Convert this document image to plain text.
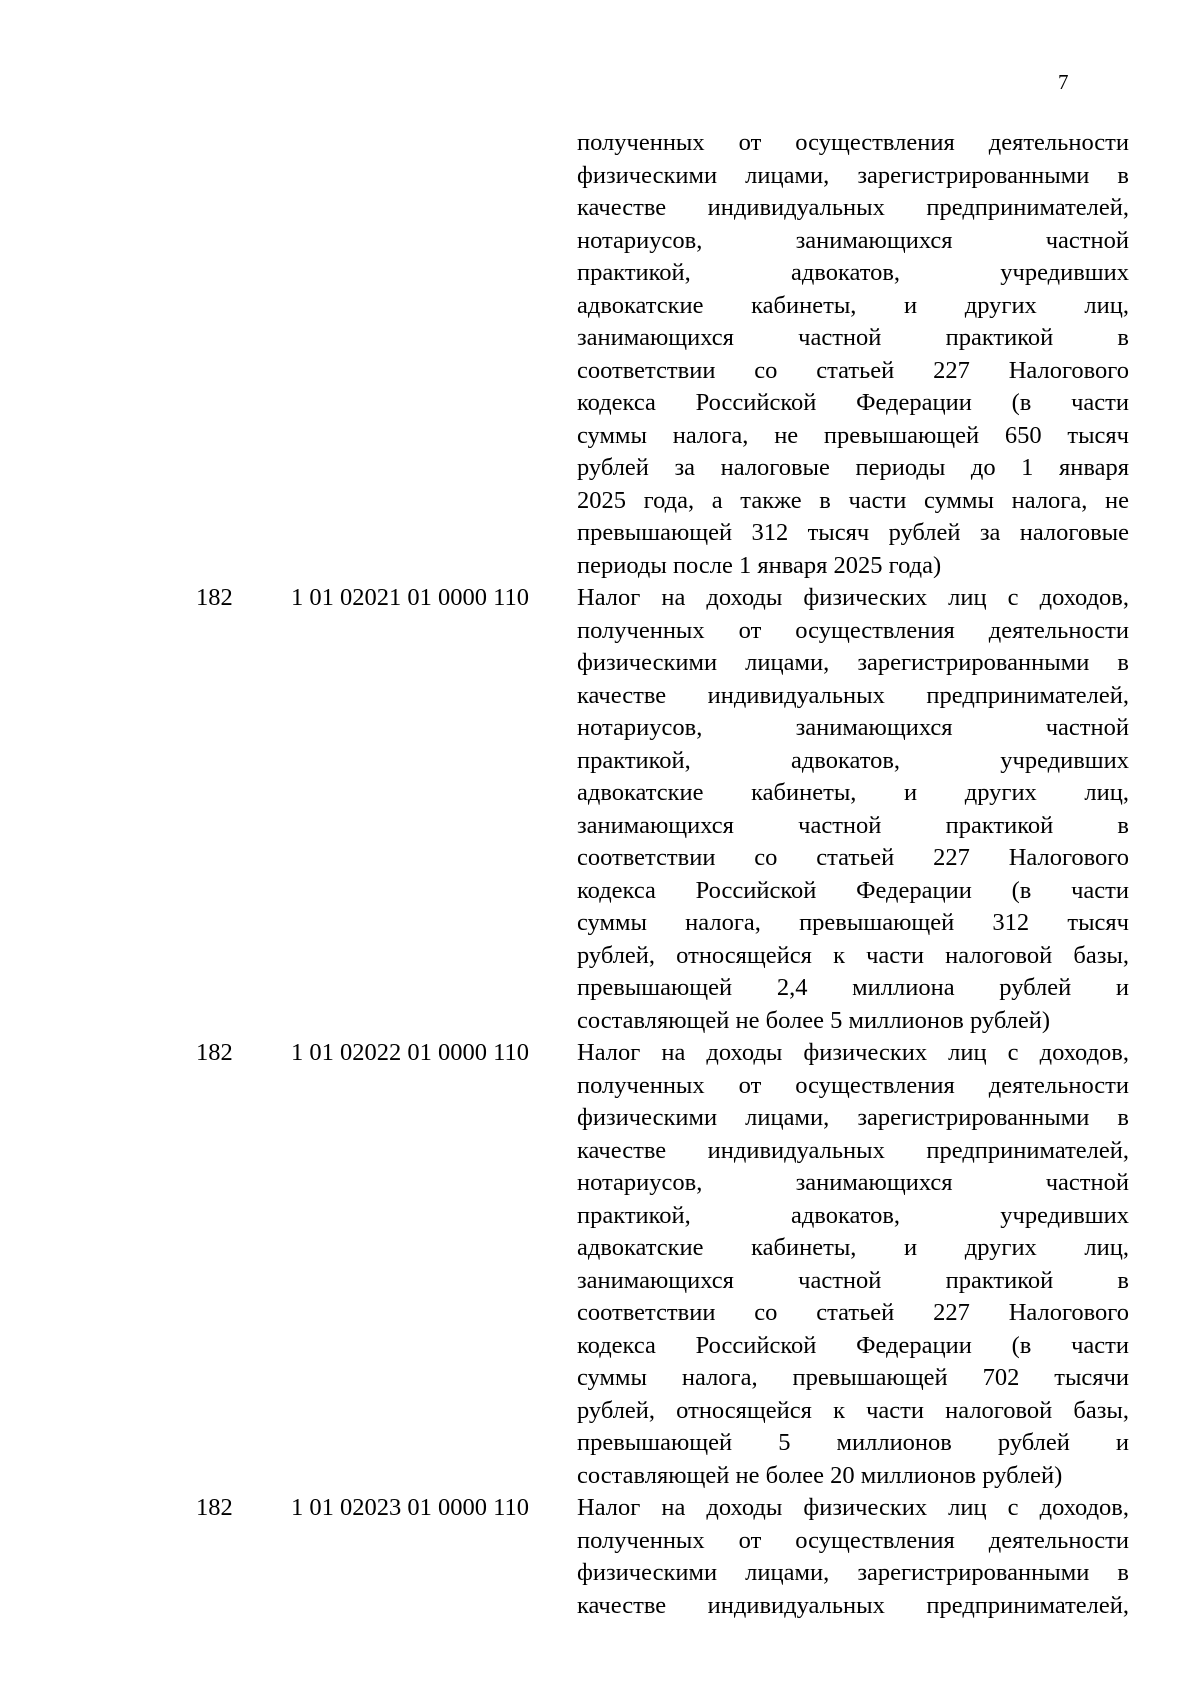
7
полученных от осуществления деятельности
физическими лицами, зарегистрированными в
качестве индивидуальных предпринимателей,
нотариусов, занимающихся частной
практикой, адвокатов, учредивших
адвокатские кабинеты, и других лиц,
занимающихся частной практикой в
соответствии со статьей 227 Налогового
кодекса Российской Федерации (в части
суммы налога, не превышающей 650 тысяч
рублей за налоговые периоды до 1 января
2025 года, а также в части суммы налога, не
превышающей 312 тысяч рублей за налоговые
периоды после 1 января 2025 года)
182 1 01 02021 01 0000 110 Налог на доходы физических лиц с доходов,
полученных от осуществления деятельности
физическими лицами, зарегистрированными в
качестве индивидуальных предпринимателей,
нотариусов, занимающихся частной
практикой, адвокатов, учредивших
адвокатские кабинеты, и других лиц,
занимающихся частной практикой в
соответствии со статьей 227 Налогового
кодекса Российской Федерации (в части
суммы налога, превышающей 312 тысяч
рублей, относящейся к части налоговой базы,
превышающей 2,4 миллиона рублей и
составляющей не более 5 миллионов рублей)
182 1 01 02022 01 0000 110 Налог на доходы физических лиц с доходов,
полученных от осуществления деятельности
физическими лицами, зарегистрированными в
качестве индивидуальных предпринимателей,
нотариусов, занимающихся частной
практикой, адвокатов, учредивших
адвокатские кабинеты, и других лиц,
занимающихся частной практикой в
соответствии со статьей 227 Налогового
кодекса Российской Федерации (в части
суммы налога, превышающей 702 тысячи
рублей, относящейся к части налоговой базы,
превышающей 5 миллионов рублей и
составляющей не более 20 миллионов рублей)
182 1 01 02023 01 0000 110 Налог на доходы физических лиц с доходов,
полученных от осуществления деятельности
физическими лицами, зарегистрированными в
качестве индивидуальных предпринимателей,
